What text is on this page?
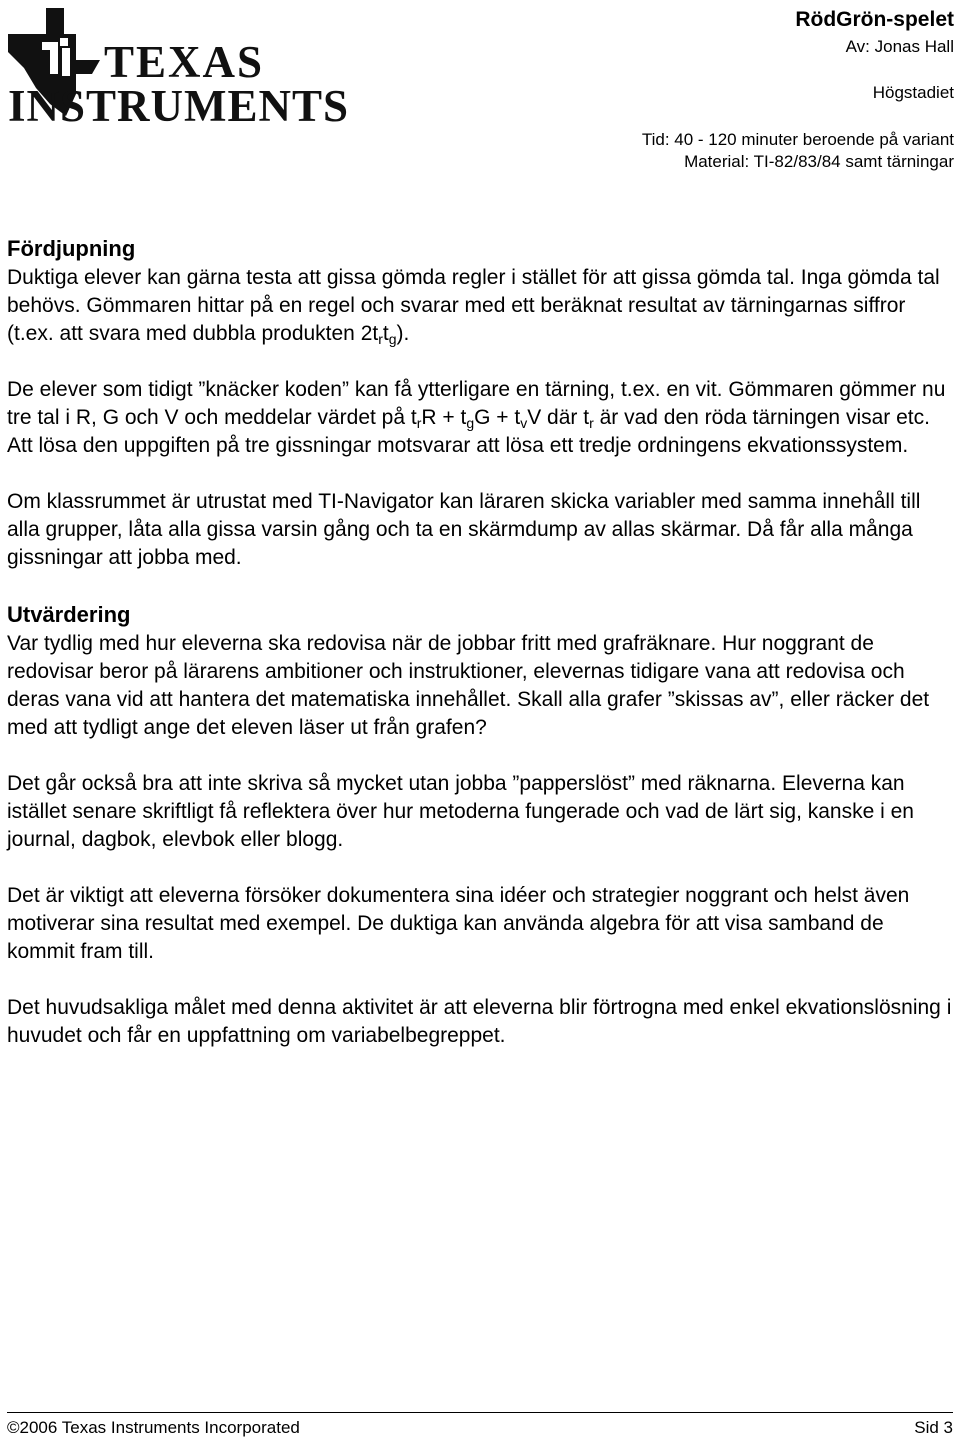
TEXAS
INSTRUMENTS
RödGrön-spelet
Av: Jonas Hall
Högstadiet
Tid: 40 - 120 minuter beroende på variant
Material: TI-82/83/84 samt tärningar
Fördjupning

Duktiga elever kan gärna testa att gissa gömda regler i stället för att gissa gömda tal. Inga gömda tal behövs. Gömmaren hittar på en regel och svarar med ett beräknat resultat av tärningarnas siffror (t.ex. att svara med dubbla produkten $2t_rt_g$).

De elever som tidigt ”knäcker koden” kan få ytterligare en tärning, t.ex. en vit. Gömmaren gömmer nu tre tal i R, G och V och meddelar värdet på $t_rR + t_gG + t_vV$ där $t_r$ är vad den röda tärningen visar etc. Att lösa den uppgiften på tre gissningar motsvarar att lösa ett tredje ordningens ekvationssystem.

Om klassrummet är utrustat med TI-Navigator kan läraren skicka variabler med samma innehåll till alla grupper, låta alla gissa varsin gång och ta en skärmdump av allas skärmar. Då får alla många gissningar att jobba med.

Utvärdering

Var tydlig med hur eleverna ska redovisa när de jobbar fritt med grafräknare. Hur noggrant de redovisar beror på lärarens ambitioner och instruktioner, elevernas tidigare vana att redovisa och deras vana vid att hantera det matematiska innehållet. Skall alla grafer ”skissas av”, eller räcker det med att tydligt ange det eleven läser ut från grafen?

Det går också bra att inte skriva så mycket utan jobba ”papperslöst” med räknarna. Eleverna kan istället senare skriftligt få reflektera över hur metoderna fungerade och vad de lärt sig, kanske i en journal, dagbok, elevbok eller blogg.

Det är viktigt att eleverna försöker dokumentera sina idéer och strategier noggrant och helst även motiverar sina resultat med exempel. De duktiga kan använda algebra för att visa samband de kommit fram till.

Det huvudsakliga målet med denna aktivitet är att eleverna blir förtrogna med enkel ekvationslösning i huvudet och får en uppfattning om variabelbegreppet.

©2006 Texas Instruments Incorporated	Sid 3
